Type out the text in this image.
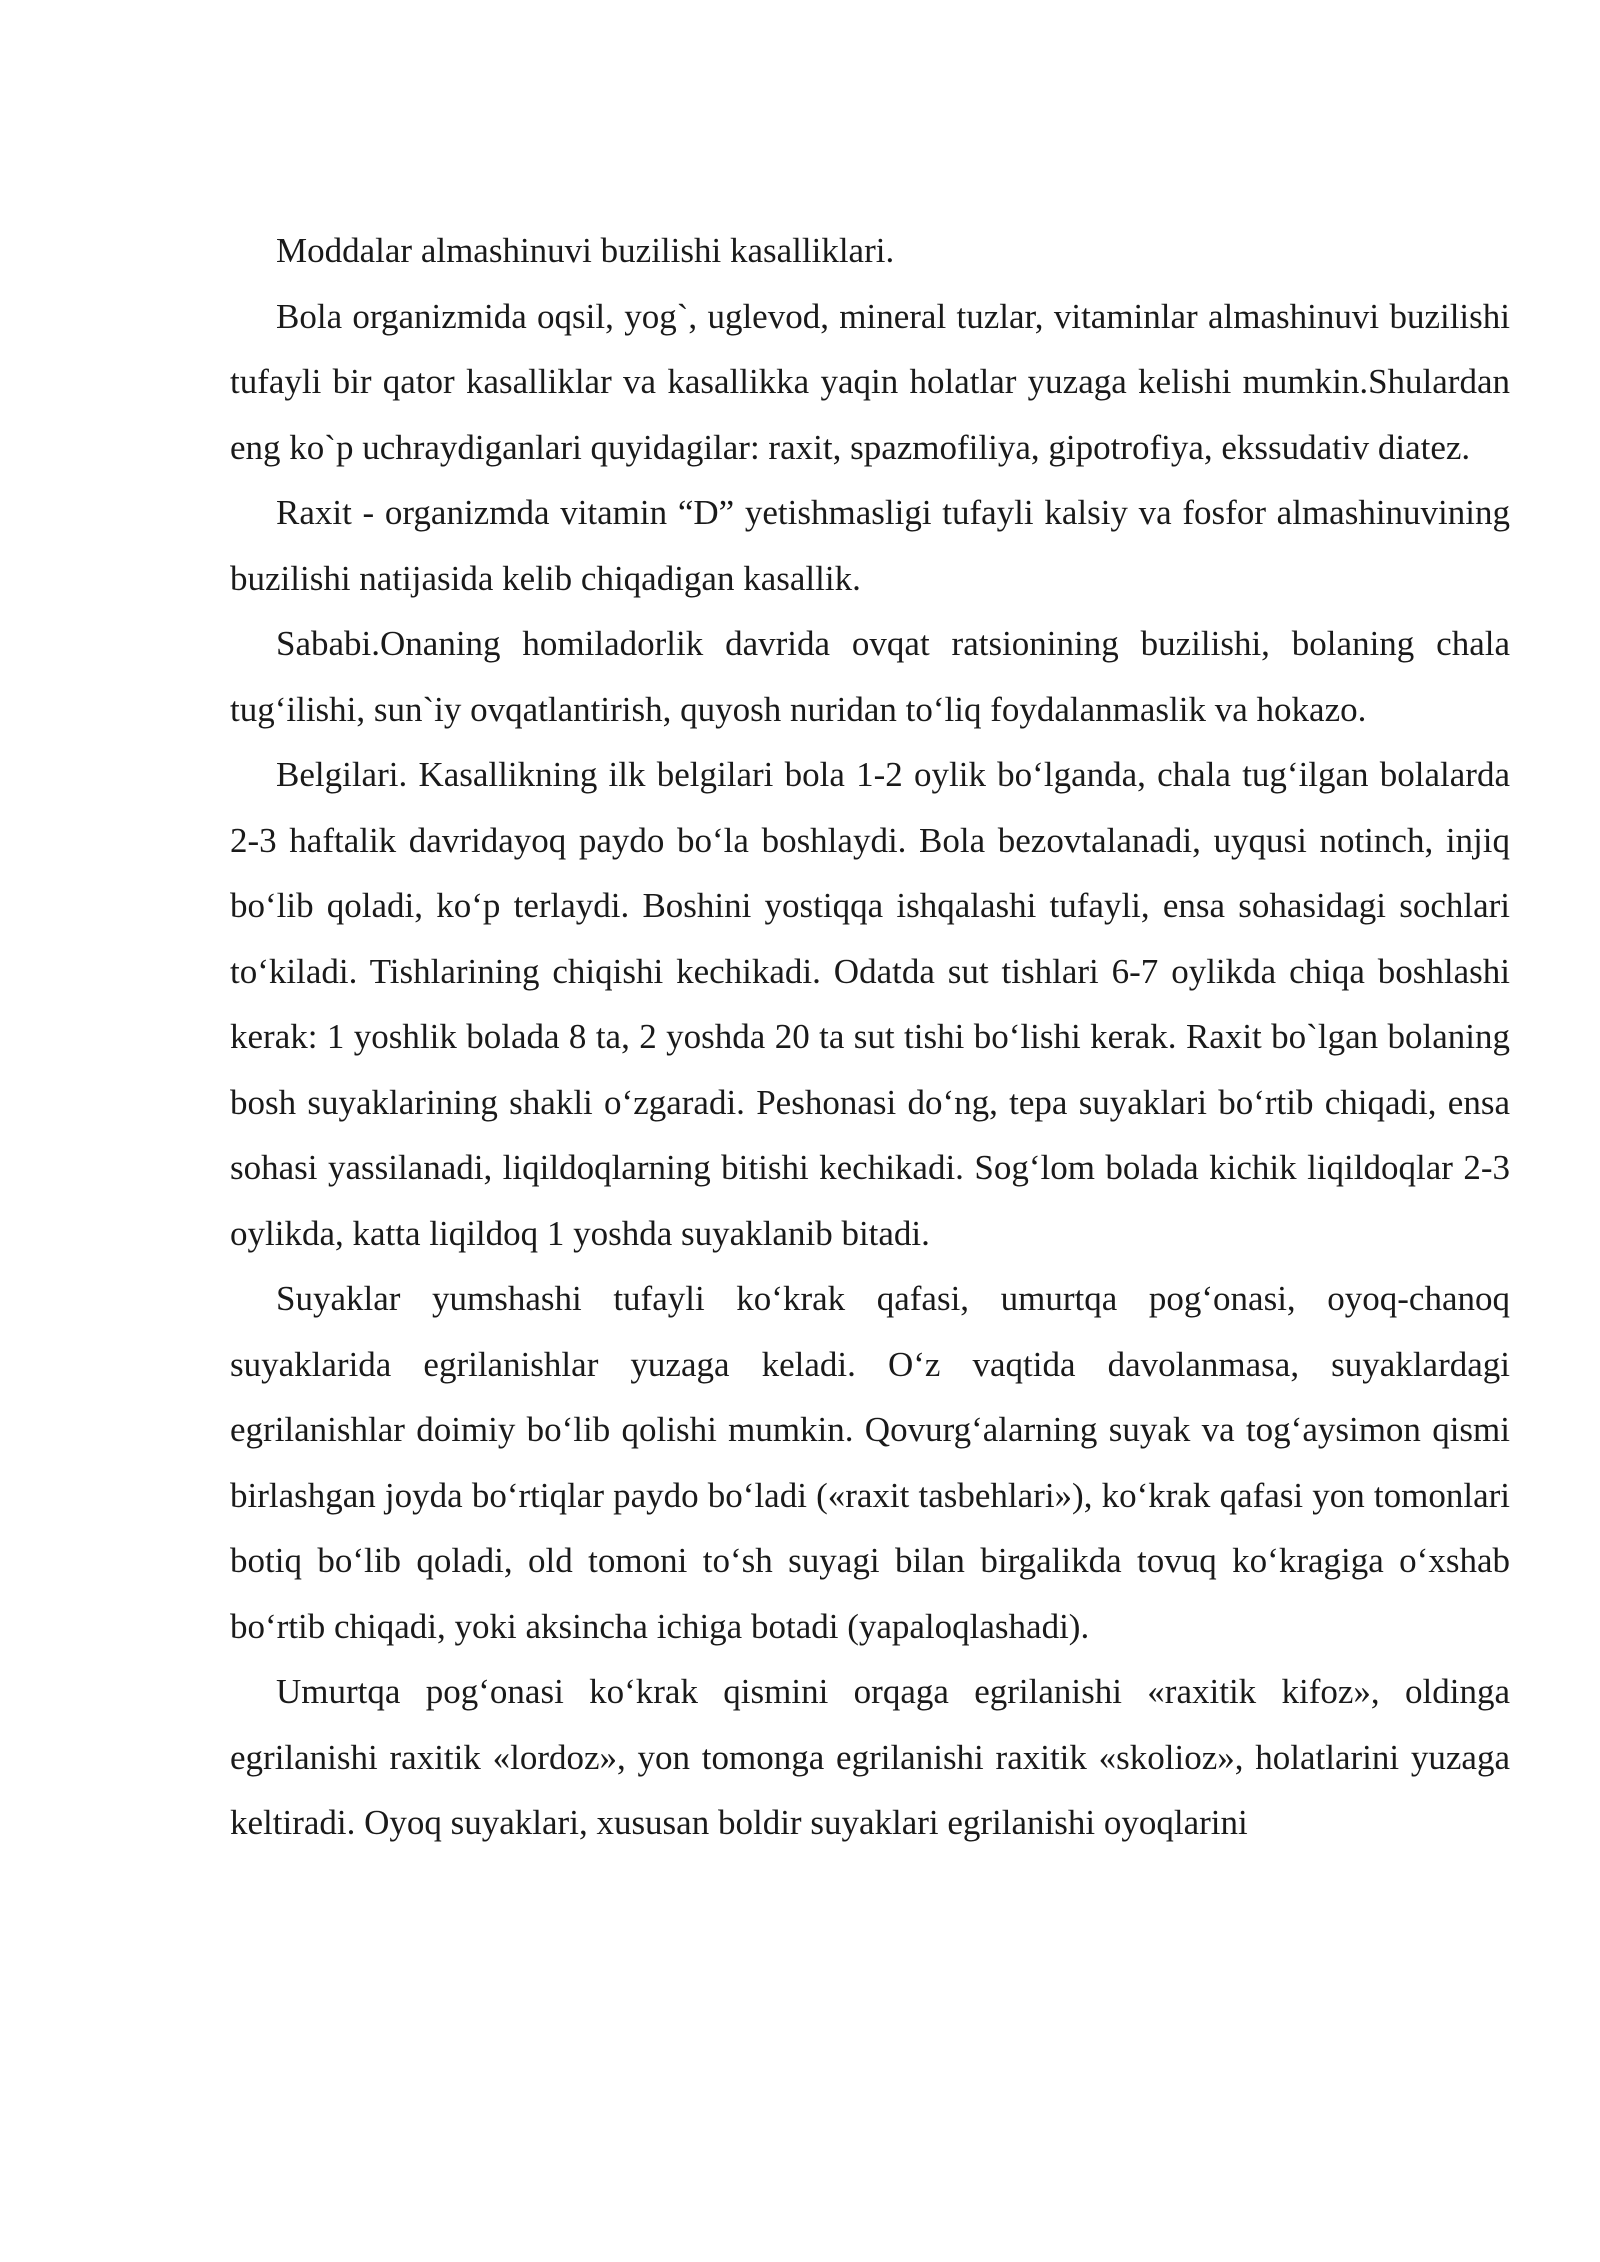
Moddalar almashinuvi buzilishi kasalliklari.

Bola organizmida oqsil, yog`, uglevod, mineral tuzlar, vitaminlar almashinuvi buzilishi tufayli bir qator kasalliklar va kasallikka yaqin holatlar yuzaga kelishi mumkin.Shulardan eng ko`p uchraydiganlari quyidagilar: raxit, spazmofiliya, gipotrofiya, ekssudativ diatez.

Raxit - organizmda vitamin “D” yetishmasligi tufayli kalsiy va fosfor almashinuvining buzilishi natijasida kelib chiqadigan kasallik.

Sababi.Onaning homiladorlik davrida ovqat ratsionining buzilishi, bolaning chala tug‘ilishi, sun`iy ovqatlantirish, quyosh nuridan to‘liq foydalanmaslik va hokazo.

Belgilari. Kasallikning ilk belgilari bola 1-2 oylik bo‘lganda, chala tug‘ilgan bolalarda 2-3 haftalik davridayoq paydo bo‘la boshlaydi. Bola bezovtalanadi, uyqusi notinch, injiq bo‘lib qoladi, ko‘p terlaydi. Boshini yostiqqa ishqalashi tufayli, ensa sohasidagi sochlari to‘kiladi. Tishlarining chiqishi kechikadi. Odatda sut tishlari 6-7 oylikda chiqa boshlashi kerak: 1 yoshlik bolada 8 ta, 2 yoshda 20 ta sut tishi bo‘lishi kerak. Raxit bo`lgan bolaning bosh suyaklarining shakli o‘zgaradi. Peshonasi do‘ng, tepa suyaklari bo‘rtib chiqadi, ensa sohasi yassilanadi, liqildoqlarning bitishi kechikadi. Sog‘lom bolada kichik liqildoqlar 2-3 oylikda, katta liqildoq 1 yoshda suyaklanib bitadi.

Suyaklar yumshashi tufayli ko‘krak qafasi, umurtqa pog‘onasi, oyoq-chanoq suyaklarida egrilanishlar yuzaga keladi. O‘z vaqtida davolanmasa, suyaklardagi egrilanishlar doimiy bo‘lib qolishi mumkin. Qovurg‘alarning suyak va tog‘aysimon qismi birlashgan joyda bo‘rtiqlar paydo bo‘ladi («raxit tasbehlari»), ko‘krak qafasi yon tomonlari botiq bo‘lib qoladi, old tomoni to‘sh suyagi bilan birgalikda tovuq ko‘kragiga o‘xshab bo‘rtib chiqadi, yoki aksincha ichiga botadi (yapaloqlashadi).

Umurtqa pog‘onasi ko‘krak qismini orqaga egrilanishi «raxitik kifoz», oldinga egrilanishi raxitik «lordoz», yon tomonga egrilanishi raxitik «skolioz», holatlarini yuzaga keltiradi. Oyoq suyaklari, xususan boldir suyaklari egrilanishi oyoqlarini
